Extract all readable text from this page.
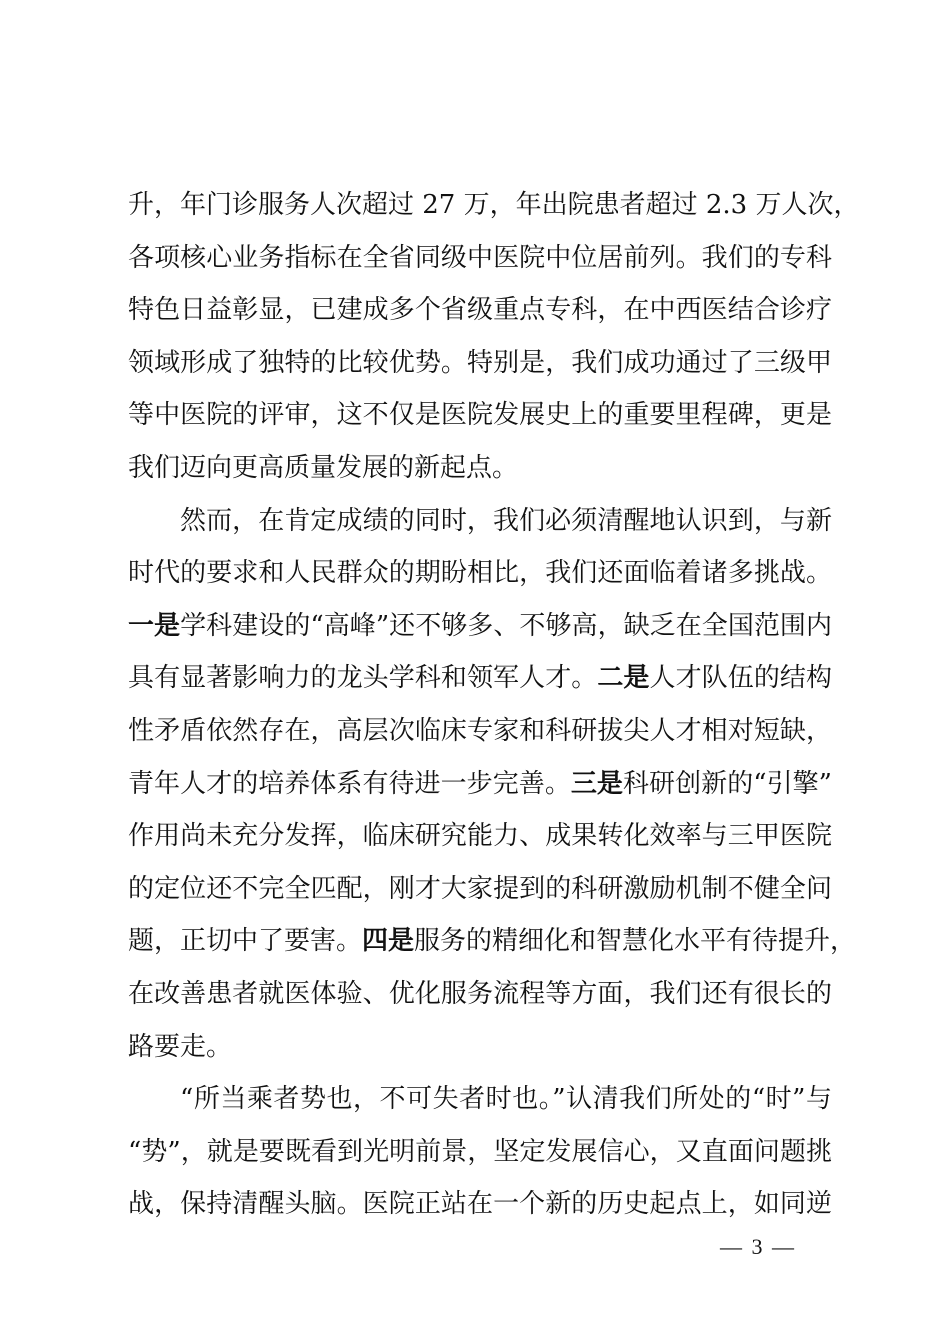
升，年门诊服务人次超过 27 万，年出院患者超过 2.3 万人次，
各项核心业务指标在全省同级中医院中位居前列。我们的专科
特色日益彰显，已建成多个省级重点专科，在中西医结合诊疗
领域形成了独特的比较优势。特别是，我们成功通过了三级甲
等中医院的评审，这不仅是医院发展史上的重要里程碑，更是
我们迈向更高质量发展的新起点。
然而，在肯定成绩的同时，我们必须清醒地认识到，与新
时代的要求和人民群众的期盼相比，我们还面临着诸多挑战。
一是学科建设的“高峰”还不够多、不够高，缺乏在全国范围内
具有显著影响力的龙头学科和领军人才。二是人才队伍的结构
性矛盾依然存在，高层次临床专家和科研拔尖人才相对短缺，
青年人才的培养体系有待进一步完善。三是科研创新的“引擎”
作用尚未充分发挥，临床研究能力、成果转化效率与三甲医院
的定位还不完全匹配，刚才大家提到的科研激励机制不健全问
题，正切中了要害。四是服务的精细化和智慧化水平有待提升，
在改善患者就医体验、优化服务流程等方面，我们还有很长的
路要走。
“所当乘者势也，不可失者时也。”认清我们所处的“时”与
“势”，就是要既看到光明前景，坚定发展信心，又直面问题挑
战，保持清醒头脑。医院正站在一个新的历史起点上，如同逆
— 3 —
